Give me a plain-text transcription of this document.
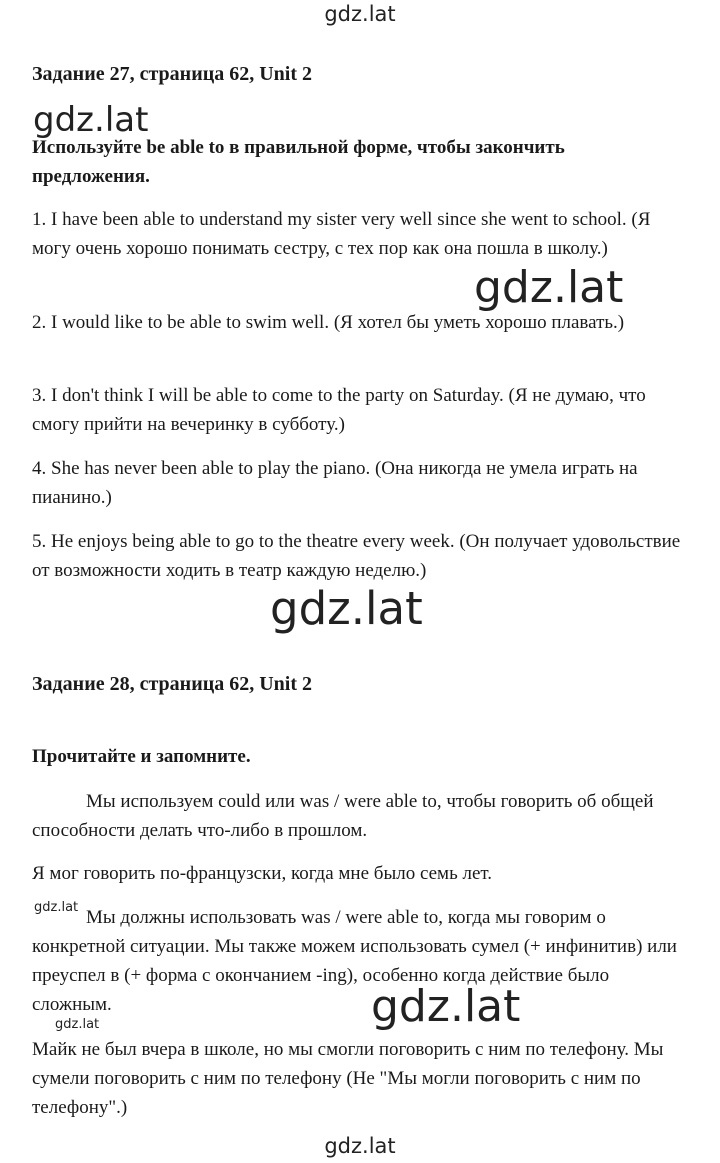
gdz.lat
Задание 27, страница 62, Unit 2
gdz.lat

Используйте be able to в правильной форме, чтобы закончить предложения.

1. I have been able to understand my sister very well since she went to school. (Я могу очень хорошо понимать сестру, с тех пор как она пошла в школу.)

2. I would like to be able to swim well. (Я хотел бы уметь хорошо плавать.)

3. I don't think I will be able to come to the party on Saturday. (Я не думаю, что смогу прийти на вечеринку в субботу.)

4. She has never been able to play the piano. (Она никогда не умела играть на пианино.)

5. He enjoys being able to go to the theatre every week. (Он получает удовольствие от возможности ходить в театр каждую неделю.)

gdz.lat
gdz.lat
Задание 28, страница 62, Unit 2

Прочитайте и запомните.

Мы используем could или was / were able to, чтобы говорить об общей способности делать что-либо в прошлом.

Я мог говорить по-французски, когда мне было семь лет.

Мы должны использовать was / were able to, когда мы говорим о конкретной ситуации. Мы также можем использовать сумел (+ инфинитив) или преуспел в (+ форма с окончанием -ing), особенно когда действие было сложным.

gdz.lat
gdz.lat	gdz.lat

Майк не был вчера в школе, но мы смогли поговорить с ним по телефону. Мы сумели поговорить с ним по телефону (Не "Мы могли поговорить с ним по телефону".)

gdz.lat
